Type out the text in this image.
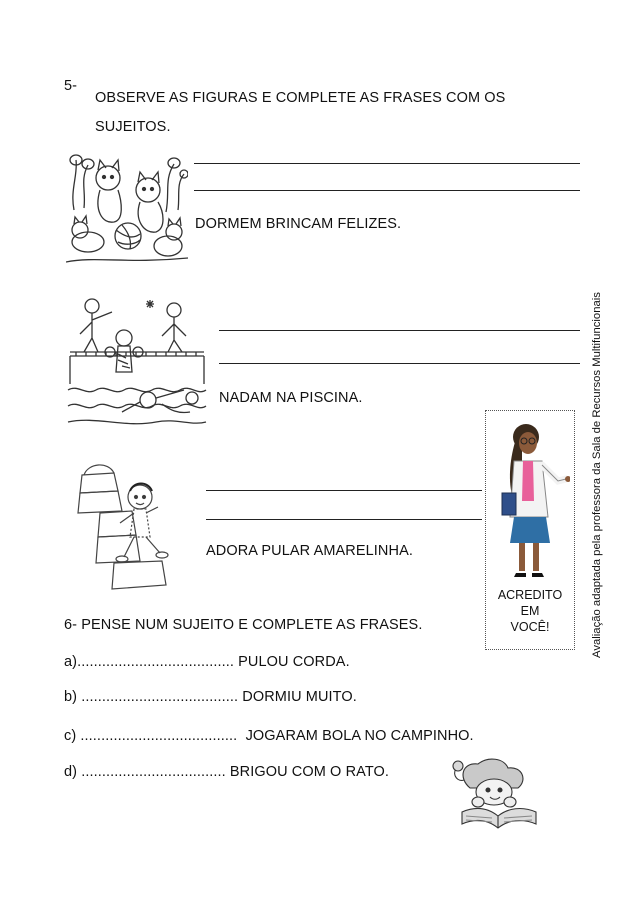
5-
OBSERVE AS FIGURAS E COMPLETE AS FRASES COM OS
SUJEITOS.
DORMEM BRINCAM FELIZES.
NADAM NA PISCINA.
ADORA PULAR AMARELINHA.
ACREDITO
EM
VOCÊ!
6- PENSE NUM SUJEITO E COMPLETE AS FRASES.
a)...................................... PULOU CORDA.
b) ...................................... DORMIU MUITO.
c) ...................................... JOGARAM BOLA NO CAMPINHO.
d) ................................... BRIGOU COM O RATO.
Avaliação adaptada pela professora da Sala de Recursos Multifuncionais
